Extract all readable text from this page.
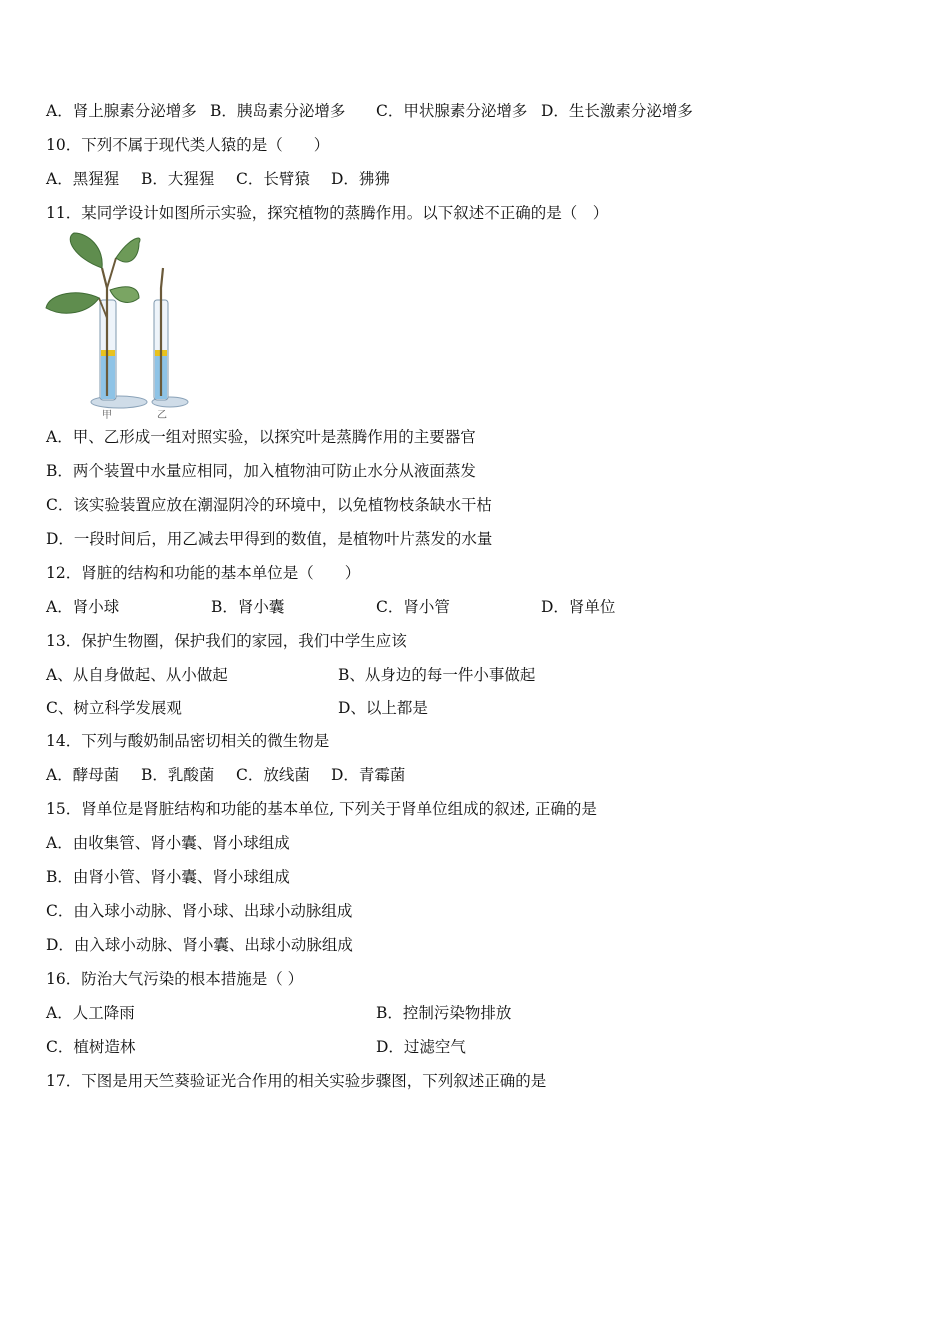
A．肾上腺素分泌增多 B．胰岛素分泌增多 C．甲状腺素分泌增多 D．生长激素分泌增多
10．下列不属于现代类人猿的是（　　）
A．黑猩猩 B．大猩猩 C．长臂猿 D．狒狒
11．某同学设计如图所示实验，探究植物的蒸腾作用。以下叙述不正确的是（　）
甲	乙
A．甲、乙形成一组对照实验，以探究叶是蒸腾作用的主要器官
B．两个装置中水量应相同，加入植物油可防止水分从液面蒸发
C．该实验装置应放在潮湿阴冷的环境中，以免植物枝条缺水干枯
D．一段时间后，用乙减去甲得到的数值，是植物叶片蒸发的水量
12．肾脏的结构和功能的基本单位是（　　）
A．肾小球	B．肾小囊	C．肾小管	D．肾单位
13．保护生物圈，保护我们的家园，我们中学生应该
A、从自身做起、从小做起	B、从身边的每一件小事做起
C、树立科学发展观	D、以上都是
14．下列与酸奶制品密切相关的微生物是
A．酵母菌 B．乳酸菌 C．放线菌 D．青霉菌
15．肾单位是肾脏结构和功能的基本单位, 下列关于肾单位组成的叙述, 正确的是
A．由收集管、肾小囊、肾小球组成
B．由肾小管、肾小囊、肾小球组成
C．由入球小动脉、肾小球、出球小动脉组成
D．由入球小动脉、肾小囊、出球小动脉组成
16．防治大气污染的根本措施是（ ）
A．人工降雨	B．控制污染物排放
C．植树造林	D．过滤空气
17．下图是用天竺葵验证光合作用的相关实验步骤图，下列叙述正确的是
